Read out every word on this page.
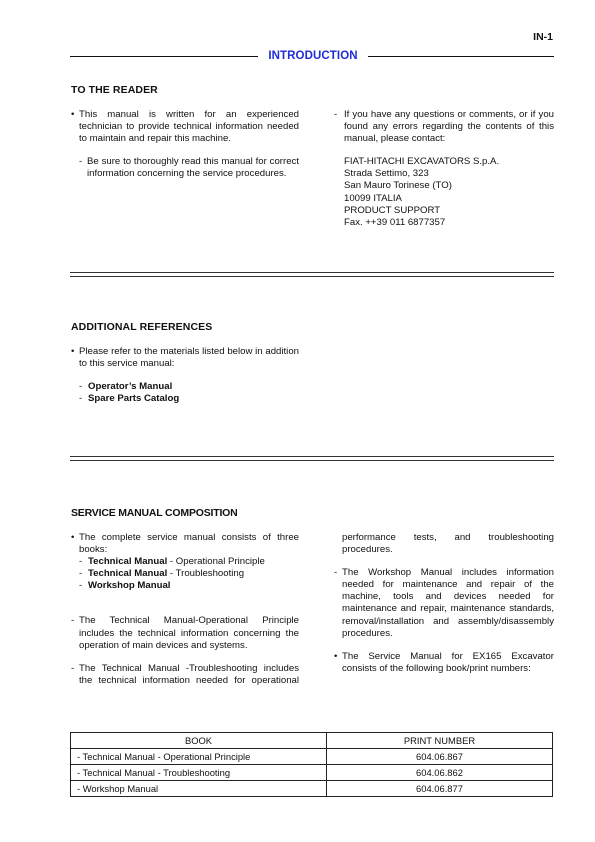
IN-1
INTRODUCTION
TO THE READER
• This manual is written for an experienced technician to provide technical information needed to maintain and repair this machine.
- Be sure to thoroughly read this manual for correct information concerning the service procedures.
- If you have any questions or comments, or if you found any errors regarding the contents of this manual, please contact:
FIAT-HITACHI EXCAVATORS S.p.A.
Strada Settimo, 323
San Mauro Torinese (TO)
10099 ITALIA
PRODUCT SUPPORT
Fax. ++39 011 6877357
ADDITIONAL REFERENCES
• Please refer to the materials listed below in addition to this service manual:
- Operator’s Manual
- Spare Parts Catalog
SERVICE MANUAL COMPOSITION
• The complete service manual consists of three books:
- Technical Manual - Operational Principle
- Technical Manual - Troubleshooting
- Workshop Manual
- The Technical Manual-Operational Principle includes the technical information concerning the operation of main devices and systems.
- The Technical Manual -Troubleshooting includes the technical information needed for operational
performance tests, and troubleshooting procedures.
- The Workshop Manual includes information needed for maintenance and repair of the machine, tools and devices needed for maintenance and repair, maintenance standards, removal/installation and assembly/disassembly procedures.
• The Service Manual for EX165 Excavator consists of the following book/print numbers:
BOOK	PRINT NUMBER
- Technical Manual - Operational Principle	604.06.867
- Technical Manual - Troubleshooting	604.06.862
- Workshop Manual	604.06.877
